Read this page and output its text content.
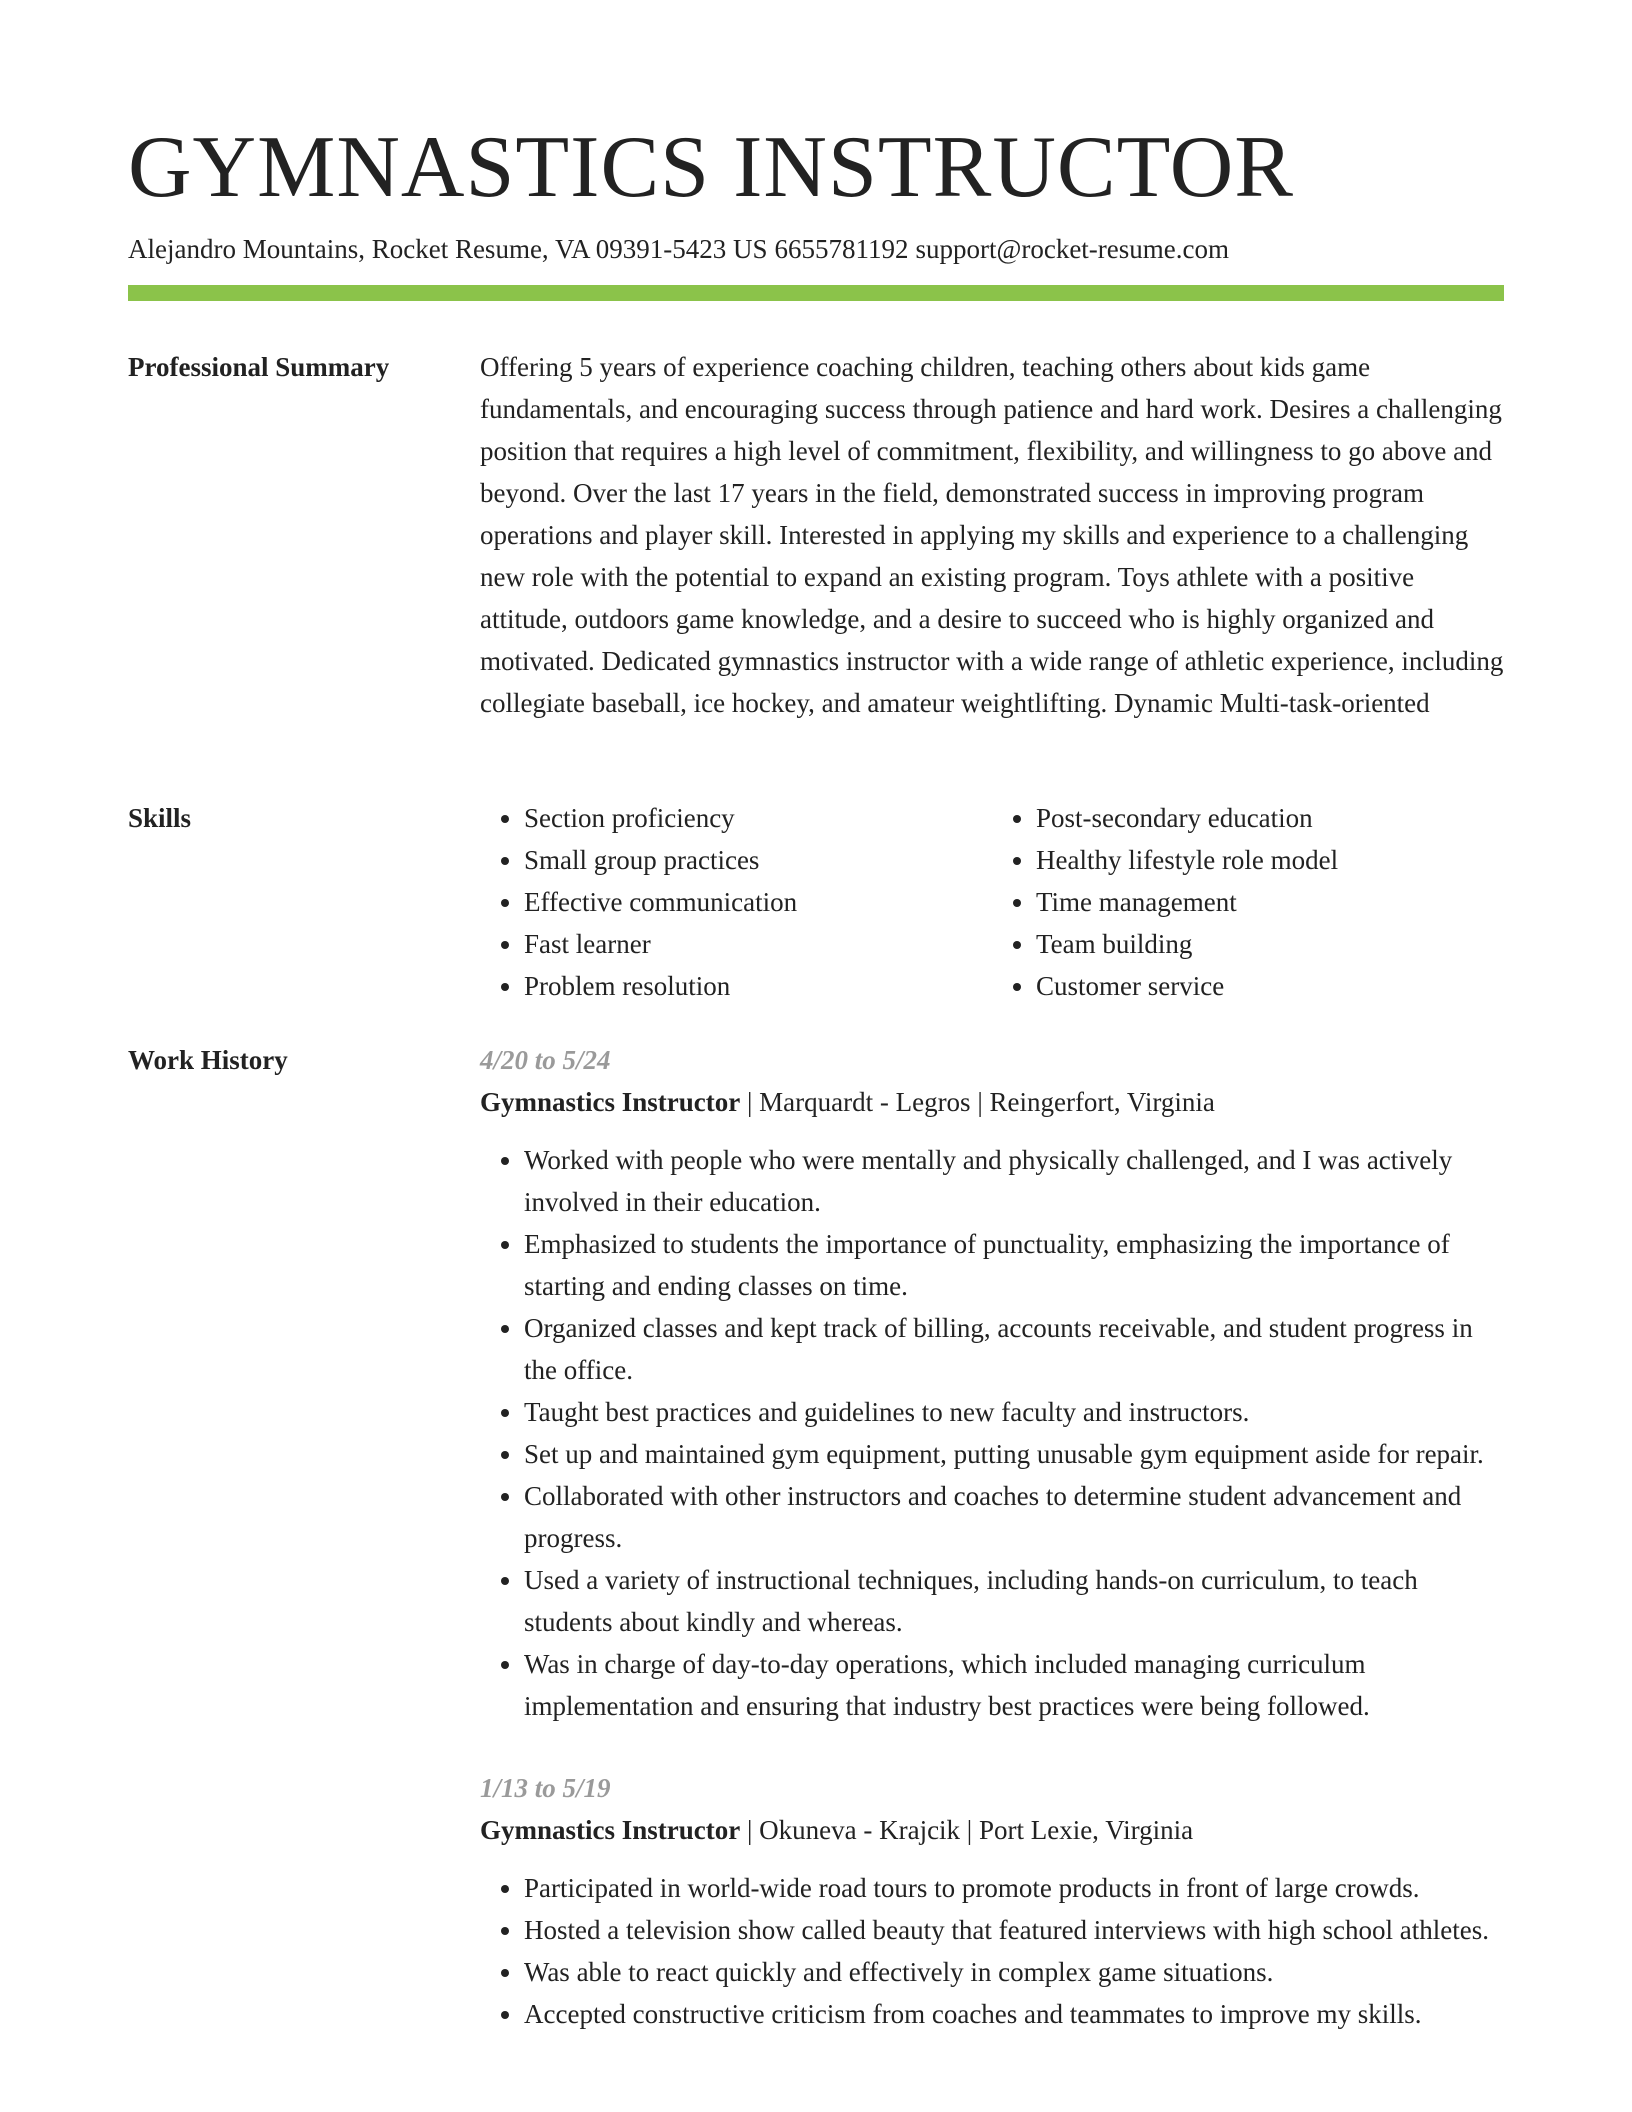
GYMNASTICS INSTRUCTOR
Alejandro Mountains, Rocket Resume, VA 09391-5423 US 6655781192 support@rocket-resume.com
Professional Summary	Offering 5 years of experience coaching children, teaching others about kids game fundamentals, and encouraging success through patience and hard work. Desires a challenging position that requires a high level of commitment, flexibility, and willingness to go above and beyond. Over the last 17 years in the field, demonstrated success in improving program operations and player skill. Interested in applying my skills and experience to a challenging new role with the potential to expand an existing program. Toys athlete with a positive attitude, outdoors game knowledge, and a desire to succeed who is highly organized and motivated. Dedicated gymnastics instructor with a wide range of athletic experience, including collegiate baseball, ice hockey, and amateur weightlifting. Dynamic Multi-task-oriented

Skills
•	Section proficiency
• Small group practices
• Effective communication
• Fast learner
• Problem resolution
• Post-secondary education
• Healthy lifestyle role model
• Time management
• Team building
• Customer service
Work History	4/20 to 5/24
Gymnastics Instructor | Marquardt - Legros | Reingerfort, Virginia
• Worked with people who were mentally and physically challenged, and I was actively involved in their education.
• Emphasized to students the importance of punctuality, emphasizing the importance of starting and ending classes on time.
• Organized classes and kept track of billing, accounts receivable, and student progress in the office.
• Taught best practices and guidelines to new faculty and instructors.
• Set up and maintained gym equipment, putting unusable gym equipment aside for repair.
• Collaborated with other instructors and coaches to determine student advancement and progress.
• Used a variety of instructional techniques, including hands-on curriculum, to teach students about kindly and whereas.
• Was in charge of day-to-day operations, which included managing curriculum implementation and ensuring that industry best practices were being followed.
1/13 to 5/19
Gymnastics Instructor | Okuneva - Krajcik | Port Lexie, Virginia
• Participated in world-wide road tours to promote products in front of large crowds.
• Hosted a television show called beauty that featured interviews with high school athletes.
• Was able to react quickly and effectively in complex game situations.
• Accepted constructive criticism from coaches and teammates to improve my skills.
